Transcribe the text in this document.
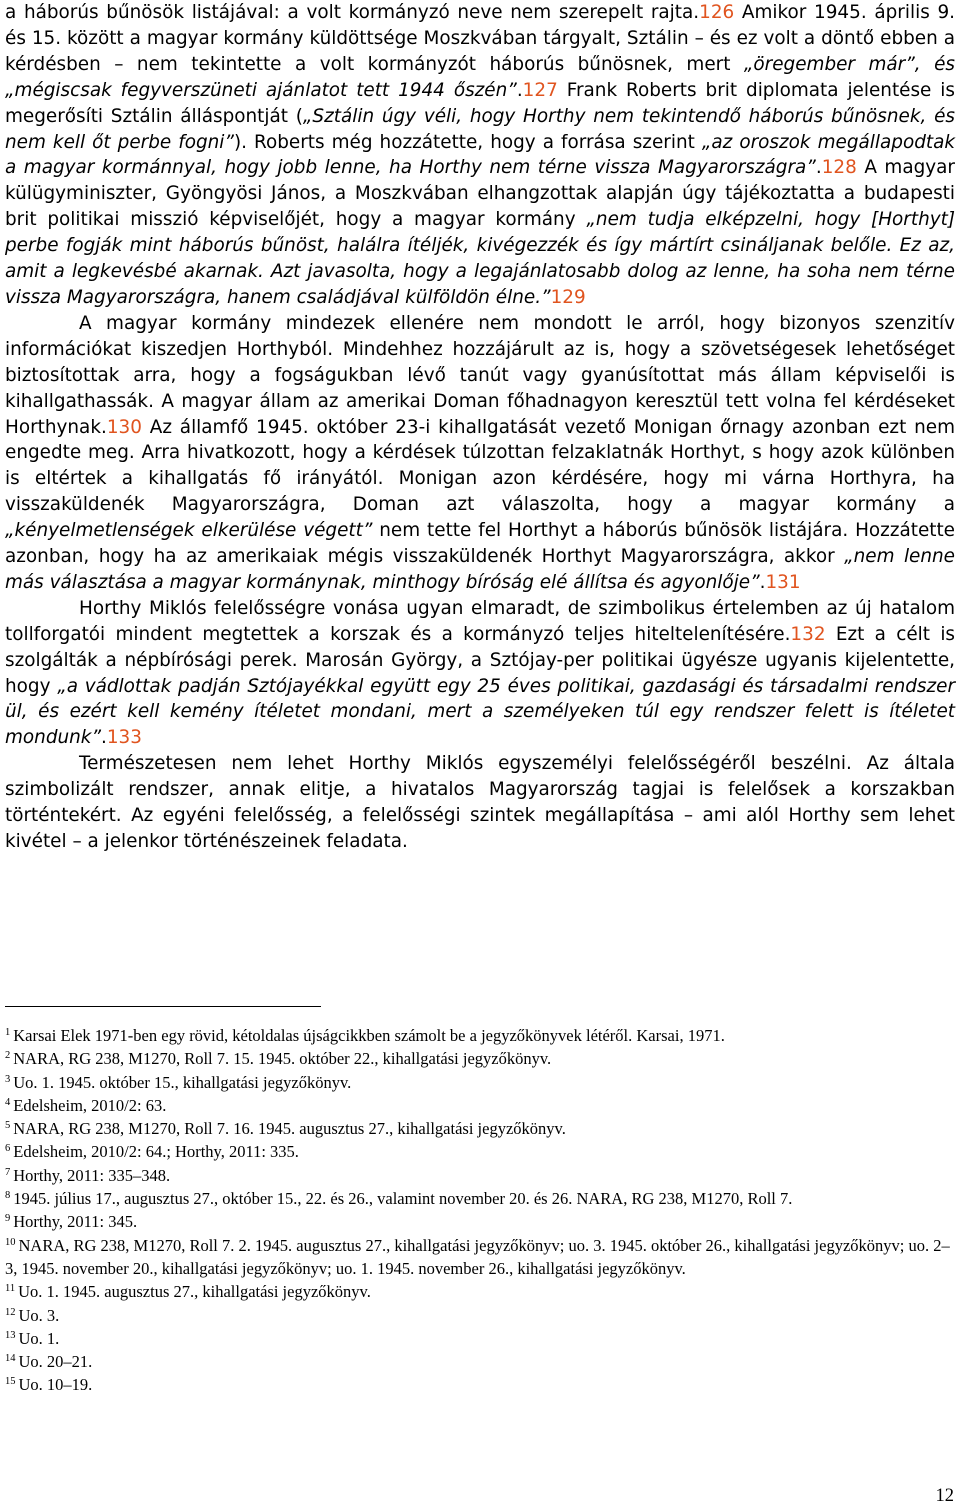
a háborús bűnösök listájával: a volt kormányzó neve nem szerepelt rajta.126 Amikor 1945. április 9. és 15. között a magyar kormány küldöttsége Moszkvában tárgyalt, Sztálin – és ez volt a döntő ebben a kérdésben – nem tekintette a volt kormányzót háborús bűnösnek, mert „öregember már”, és „mégiscsak fegyverszüneti ajánlatot tett 1944 őszén”.127 Frank Roberts brit diplomata jelentése is megerősíti Sztálin álláspontját („Sztálin úgy véli, hogy Horthy nem tekintendő háborús bűnösnek, és nem kell őt perbe fogni”). Roberts még hozzátette, hogy a forrása szerint „az oroszok megállapodtak a magyar kormánnyal, hogy jobb lenne, ha Horthy nem térne vissza Magyarországra”.128 A magyar külügyminiszter, Gyöngyösi János, a Moszkvában elhangzottak alapján úgy tájékoztatta a budapesti brit politikai misszió képviselőjét, hogy a magyar kormány „nem tudja elképzelni, hogy [Horthyt] perbe fogják mint háborús bűnöst, halálra ítéljék, kivégezzék és így mártírt csináljanak belőle. Ez az, amit a legkevésbé akarnak. Azt javasolta, hogy a legajánlatosabb dolog az lenne, ha soha nem térne vissza Magyarországra, hanem családjával külföldön élne.”129

A magyar kormány mindezek ellenére nem mondott le arról, hogy bizonyos szenzitív információkat kiszedjen Horthyból. Mindehhez hozzájárult az is, hogy a szövetségesek lehetőséget biztosítottak arra, hogy a fogságukban lévő tanút vagy gyanúsítottat más állam képviselői is kihallgathassák. A magyar állam az amerikai Doman főhadnagyon keresztül tett volna fel kérdéseket Horthynak.130 Az államfő 1945. október 23-i kihallgatását vezető Monigan őrnagy azonban ezt nem engedte meg. Arra hivatkozott, hogy a kérdések túlzottan felzaklatnák Horthyt, s hogy azok különben is eltértek a kihallgatás fő irányától. Monigan azon kérdésére, hogy mi várna Horthyra, ha visszaküldenék Magyarországra, Doman azt válaszolta, hogy a magyar kormány a „kényelmetlenségek elkerülése végett” nem tette fel Horthyt a háborús bűnösök listájára. Hozzátette azonban, hogy ha az amerikaiak mégis visszaküldenék Horthyt Magyarországra, akkor „nem lenne más választása a magyar kormánynak, minthogy bíróság elé állítsa és agyonlője”.131

Horthy Miklós felelősségre vonása ugyan elmaradt, de szimbolikus értelemben az új hatalom tollforgatói mindent megtettek a korszak és a kormányzó teljes hiteltelenítésére.132 Ezt a célt is szolgálták a népbírósági perek. Marosán György, a Sztójay-per politikai ügyésze ugyanis kijelentette, hogy „a vádlottak padján Sztójayékkal együtt egy 25 éves politikai, gazdasági és társadalmi rendszer ül, és ezért kell kemény ítéletet mondani, mert a személyeken túl egy rendszer felett is ítéletet mondunk”.133

Természetesen nem lehet Horthy Miklós egyszemélyi felelősségéről beszélni. Az általa szimbolizált rendszer, annak elitje, a hivatalos Magyarország tagjai is felelősek a korszakban történtekért. Az egyéni felelősség, a felelősségi szintek megállapítása – ami alól Horthy sem lehet kivétel – a jelenkor történészeinek feladata.

$^1$ Karsai Elek 1971-ben egy rövid, kétoldalas újságcikkben számolt be a jegyzőkönyvek létéről. Karsai, 1971.

$^2$ NARA, RG 238, M1270, Roll 7. 15. 1945. október 22., kihallgatási jegyzőkönyv.

$^3$ Uo. 1. 1945. október 15., kihallgatási jegyzőkönyv.

$^4$ Edelsheim, 2010/2: 63.

$^5$ NARA, RG 238, M1270, Roll 7. 16. 1945. augusztus 27., kihallgatási jegyzőkönyv.

$^6$ Edelsheim, 2010/2: 64.; Horthy, 2011: 335.

$^7$ Horthy, 2011: 335–348.

$^8$ 1945. július 17., augusztus 27., október 15., 22. és 26., valamint november 20. és 26. NARA, RG 238, M1270, Roll 7.

$^9$ Horthy, 2011: 345.

$^{10}$ NARA, RG 238, M1270, Roll 7. 2. 1945. augusztus 27., kihallgatási jegyzőkönyv; uo. 3. 1945. október 26., kihallgatási jegyzőkönyv; uo. 2–3, 1945. november 20., kihallgatási jegyzőkönyv; uo. 1. 1945. november 26., kihallgatási jegyzőkönyv.

$^{11}$ Uo. 1. 1945. augusztus 27., kihallgatási jegyzőkönyv.

$^{12}$ Uo. 3.

$^{13}$ Uo. 1.

$^{14}$ Uo. 20–21.

$^{15}$ Uo. 10–19.

12
